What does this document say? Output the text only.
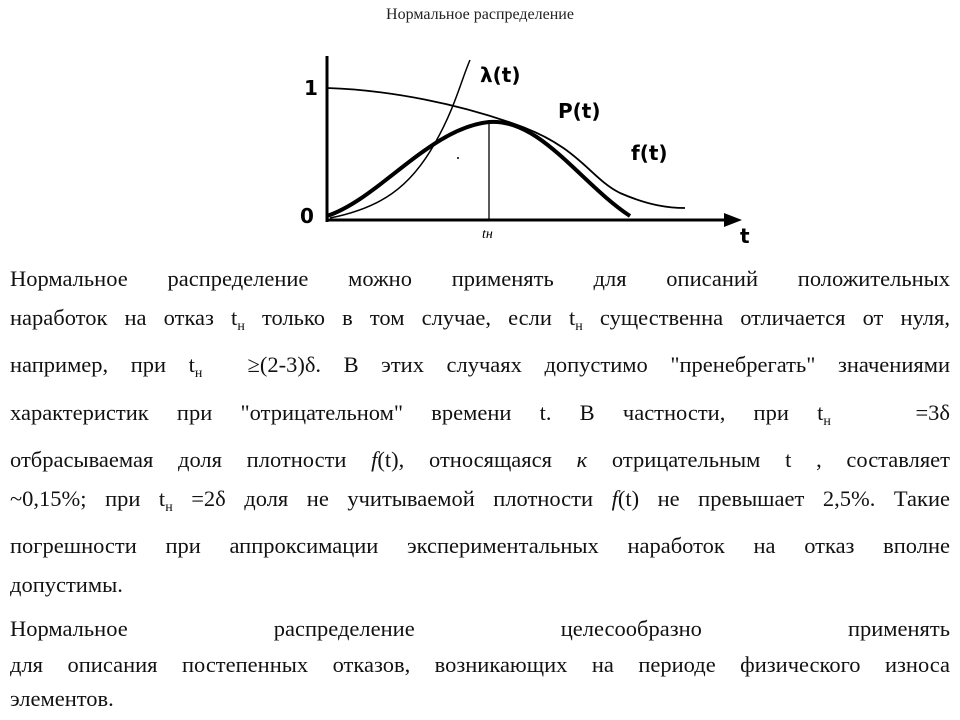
Нормальное распределение
1
0
t
tн
λ(t)
P(t)
f(t)
Нормальное распределение можно применять для описаний положительных
наработок на отказ $t_н$ только в том случае, если $t_н$ существенна отличается от нуля,
например, при $t_н \ge(2-3)\delta$. В этих случаях допустимо "пренебрегать" значениями
характеристик при "отрицательном" времени t. В частности, при $t_н$	=3δ
отбрасываемая доля плотности f(t), относящаяся к отрицательным t , составляет
~0,15%; при $t_н =2\delta$ доля не учитываемой плотности f(t) не превышает 2,5%. Такие
погрешности при аппроксимации экспериментальных наработок на отказ вполне
допустимы.
Нормальное	распределение	целесообразно	применять
для описания постепенных отказов, возникающих на периоде физического износа
элементов.
